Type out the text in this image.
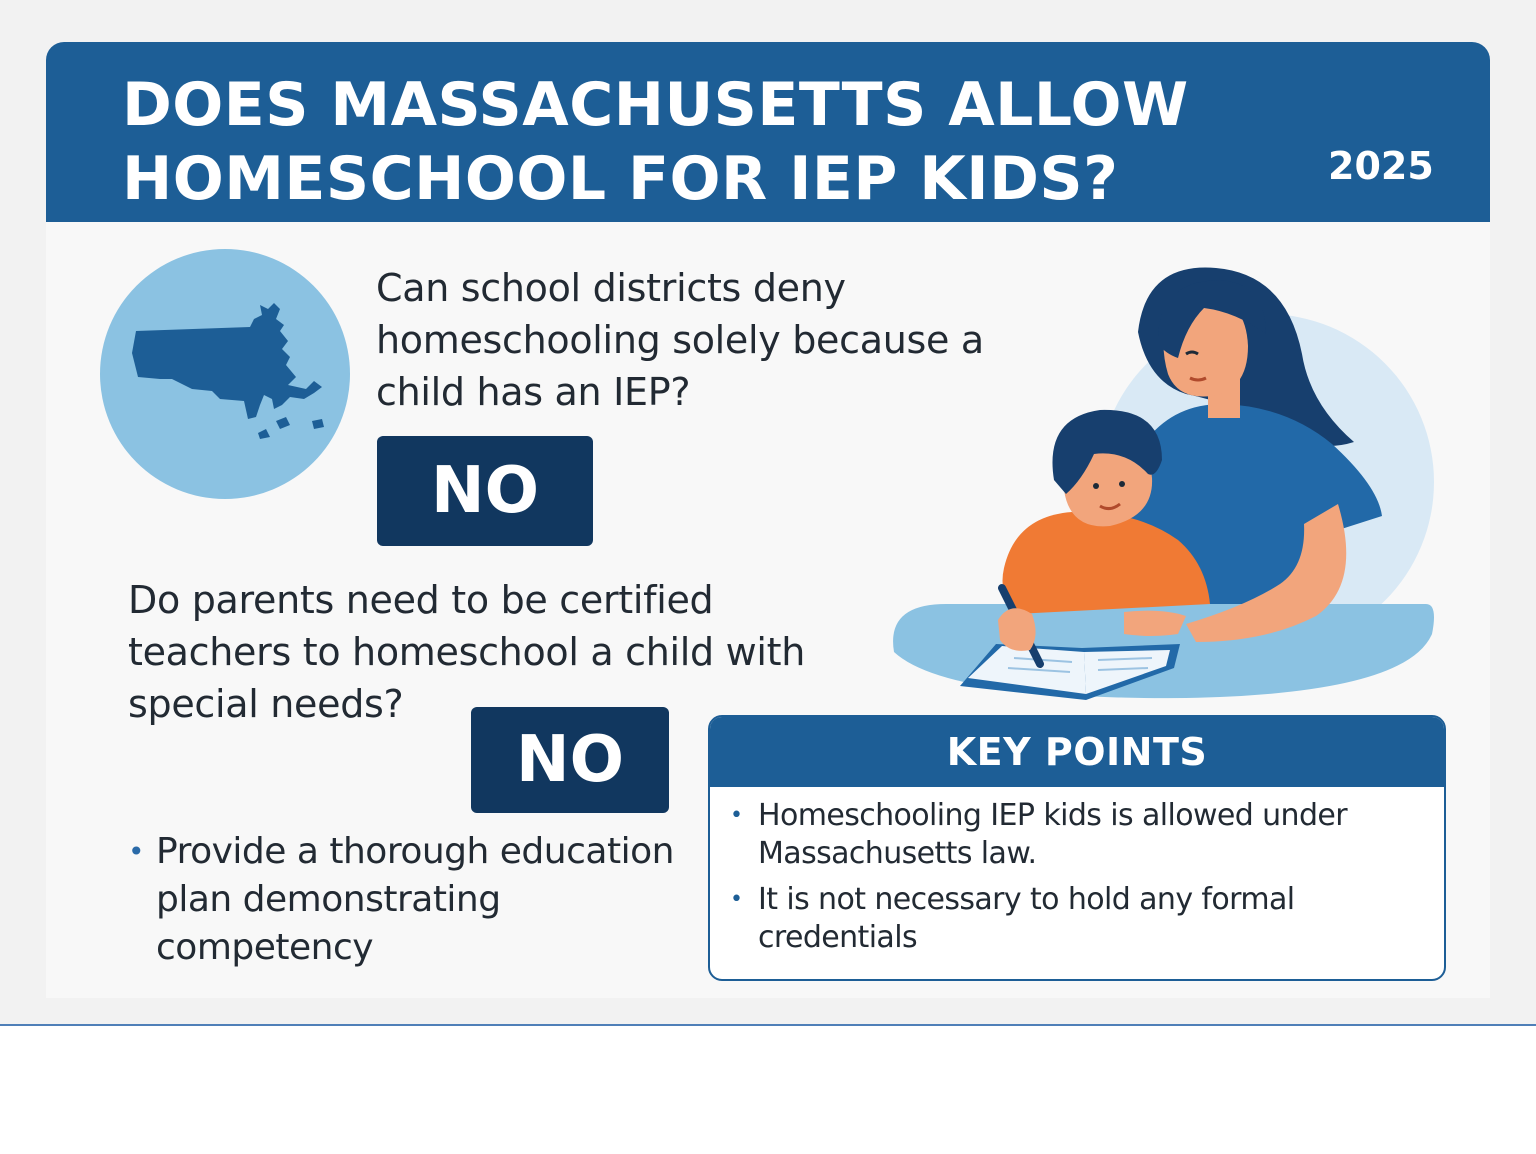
DOES MASSACHUSETTS ALLOW
HOMESCHOOL FOR IEP KIDS?	2025

Can school districts deny homeschooling solely because a child has an IEP?

NO

Do parents need to be certified teachers to homeschool a child with special needs?

NO
• Provide a thorough education plan demonstrating competency
KEY POINTS
• Homeschooling IEP kids is allowed under Massachusetts law.
• It is not necessary to hold any formal credentials
